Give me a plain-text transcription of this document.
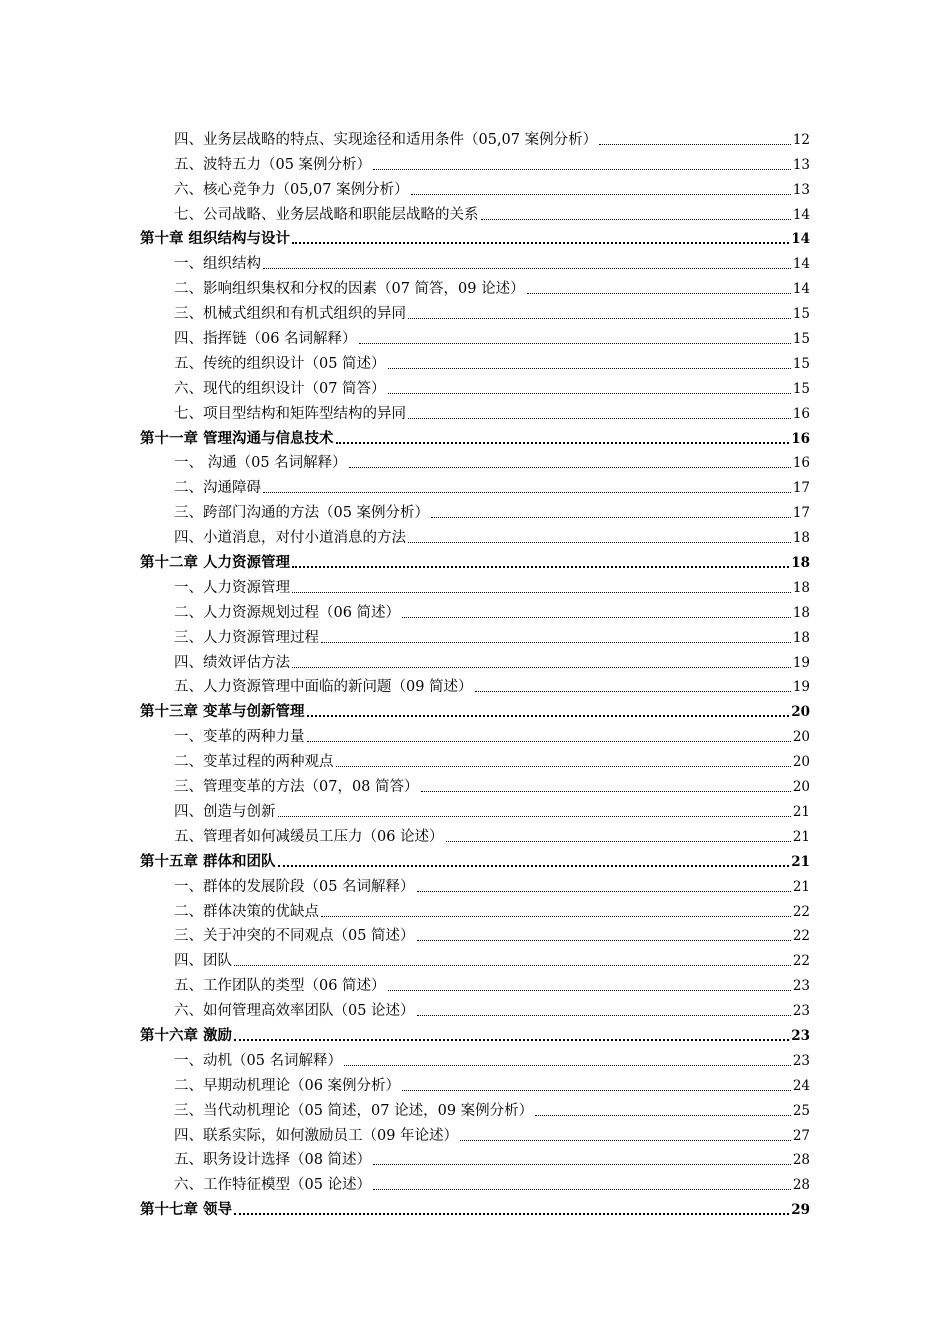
四、业务层战略的特点、实现途径和适用条件（05,07 案例分析）	12
五、波特五力（05 案例分析）	13
六、核心竞争力（05,07 案例分析）	13
七、公司战略、业务层战略和职能层战略的关系	14
第十章 组织结构与设计	14
一、组织结构	14
二、影响组织集权和分权的因素（07 简答，09 论述）	14
三、机械式组织和有机式组织的异同	15
四、指挥链（06 名词解释）	15
五、传统的组织设计（05 简述）	15
六、现代的组织设计（07 简答）	15
七、项目型结构和矩阵型结构的异同	16
第十一章 管理沟通与信息技术	16
一、 沟通（05 名词解释）	16
二、沟通障碍	17
三、跨部门沟通的方法（05 案例分析）	17
四、小道消息，对付小道消息的方法	18
第十二章 人力资源管理	18
一、人力资源管理	18
二、人力资源规划过程（06 简述）	18
三、人力资源管理过程	18
四、绩效评估方法	19
五、人力资源管理中面临的新问题（09 简述）	19
第十三章 变革与创新管理	20
一、变革的两种力量	20
二、变革过程的两种观点	20
三、管理变革的方法（07，08 简答）	20
四、创造与创新	21
五、管理者如何减缓员工压力（06 论述）	21
第十五章 群体和团队	21
一、群体的发展阶段（05 名词解释）	21
二、群体决策的优缺点	22
三、关于冲突的不同观点（05 简述）	22
四、团队	22
五、工作团队的类型（06 简述）	23
六、如何管理高效率团队（05 论述）	23
第十六章 激励	23
一、动机（05 名词解释）	23
二、早期动机理论（06 案例分析）	24
三、当代动机理论（05 简述，07 论述，09 案例分析）	25
四、联系实际，如何激励员工（09 年论述）	27
五、职务设计选择（08 简述）	28
六、工作特征模型（05 论述）	28
第十七章 领导	29
